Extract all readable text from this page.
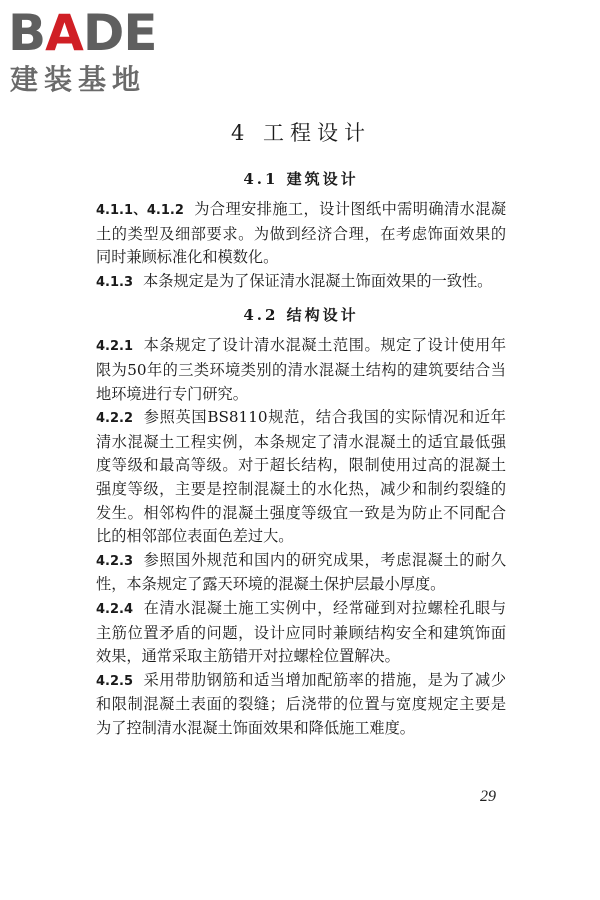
BADE
建装基地
4 工程设计
4.1 建筑设计

4.1.1、4.1.2 为合理安排施工，设计图纸中需明确清水混凝土的类型及细部要求。为做到经济合理，在考虑饰面效果的同时兼顾标准化和模数化。

4.1.3 本条规定是为了保证清水混凝土饰面效果的一致性。

4.2 结构设计

4.2.1 本条规定了设计清水混凝土范围。规定了设计使用年限为50年的三类环境类别的清水混凝土结构的建筑要结合当地环境进行专门研究。

4.2.2 参照英国BS8110规范，结合我国的实际情况和近年清水混凝土工程实例，本条规定了清水混凝土的适宜最低强度等级和最高等级。对于超长结构，限制使用过高的混凝土强度等级，主要是控制混凝土的水化热，减少和制约裂缝的发生。相邻构件的混凝土强度等级宜一致是为防止不同配合比的相邻部位表面色差过大。

4.2.3 参照国外规范和国内的研究成果，考虑混凝土的耐久性，本条规定了露天环境的混凝土保护层最小厚度。

4.2.4 在清水混凝土施工实例中，经常碰到对拉螺栓孔眼与主筋位置矛盾的问题，设计应同时兼顾结构安全和建筑饰面效果，通常采取主筋错开对拉螺栓位置解决。

4.2.5 采用带肋钢筋和适当增加配筋率的措施，是为了减少和限制混凝土表面的裂缝；后浇带的位置与宽度规定主要是为了控制清水混凝土饰面效果和降低施工难度。

29
